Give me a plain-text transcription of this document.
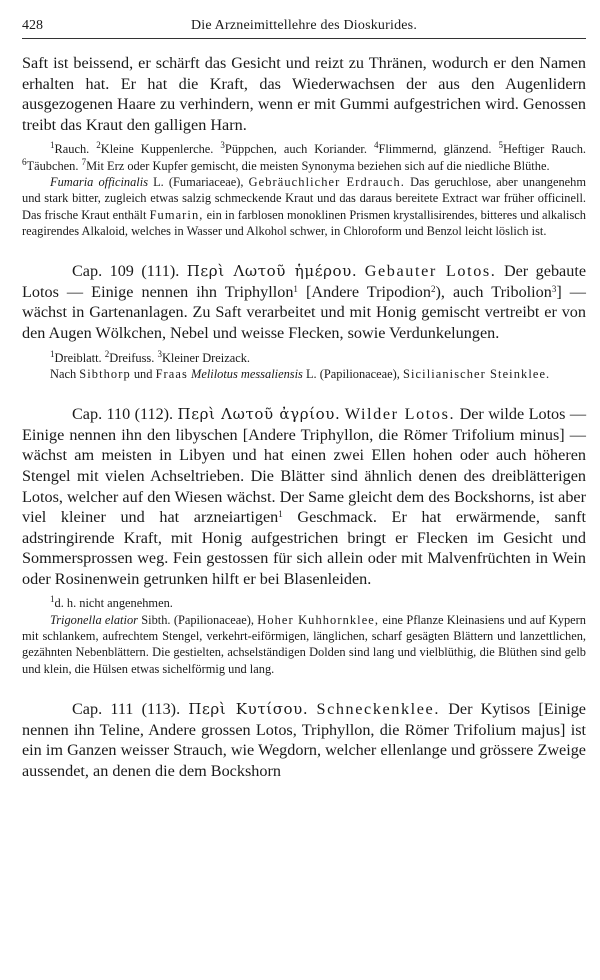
428	Die Arzneimittellehre des Dioskurides.

Saft ist beissend, er schärft das Gesicht und reizt zu Thränen, wodurch er den Namen erhalten hat. Er hat die Kraft, das Wiederwachsen der aus den Augenlidern ausgezogenen Haare zu verhindern, wenn er mit Gummi aufgestrichen wird. Genossen treibt das Kraut den galligen Harn.

$^1$Rauch. $^2$Kleine Kuppenlerche. $^3$Püppchen, auch Koriander. $^4$Flimmernd, glänzend. $^5$Heftiger Rauch. $^6$Täubchen. $^7$Mit Erz oder Kupfer gemischt, die meisten Synonyma beziehen sich auf die niedliche Blüthe.

Fumaria officinalis L. (Fumariaceae), Gebräuchlicher Erdrauch. Das geruchlose, aber unangenehm und stark bitter, zugleich etwas salzig schmeckende Kraut und das daraus bereitete Extract war früher officinell. Das frische Kraut enthält Fumarin, ein in farblosen monoklinen Prismen krystallisirendes, bitteres und alkalisch reagirendes Alkaloid, welches in Wasser und Alkohol schwer, in Chloroform und Benzol leicht löslich ist.

Cap. 109 (111). Περὶ Λωτοῦ ἡμέρου. Gebauter Lotos. Der gebaute Lotos — Einige nennen ihn Triphyllon$^1$ [Andere Tripodion$^2$), auch Tribolion$^3$] — wächst in Gartenanlagen. Zu Saft verarbeitet und mit Honig gemischt vertreibt er von den Augen Wölkchen, Nebel und weisse Flecken, sowie Verdunkelungen.

$^1$Dreiblatt. $^2$Dreifuss. $^3$Kleiner Dreizack.

Nach Sibthorp und Fraas Melilotus messaliensis L. (Papilionaceae), Sicilianischer Steinklee.

Cap. 110 (112). Περὶ Λωτοῦ ἀγρίου. Wilder Lotos. Der wilde Lotos — Einige nennen ihn den libyschen [Andere Triphyllon, die Römer Trifolium minus] — wächst am meisten in Libyen und hat einen zwei Ellen hohen oder auch höheren Stengel mit vielen Achseltrieben. Die Blätter sind ähnlich denen des dreiblätterigen Lotos, welcher auf den Wiesen wächst. Der Same gleicht dem des Bockshorns, ist aber viel kleiner und hat arzneiartigen$^1$ Geschmack. Er hat erwärmende, sanft adstringirende Kraft, mit Honig aufgestrichen bringt er Flecken im Gesicht und Sommersprossen weg. Fein gestossen für sich allein oder mit Malvenfrüchten in Wein oder Rosinenwein getrunken hilft er bei Blasenleiden.

$^1$d. h. nicht angenehmen.

Trigonella elatior Sibth. (Papilionaceae), Hoher Kuhhornklee, eine Pflanze Kleinasiens und auf Kypern mit schlankem, aufrechtem Stengel, verkehrt-eiförmigen, länglichen, scharf gesägten Blättern und lanzettlichen, gezähnten Nebenblättern. Die gestielten, achselständigen Dolden sind lang und vielblüthig, die Blüthen sind gelb und klein, die Hülsen etwas sichelförmig und lang.

Cap. 111 (113). Περὶ Κυτίσου. Schneckenklee. Der Kytisos [Einige nennen ihn Teline, Andere grossen Lotos, Triphyllon, die Römer Trifolium majus] ist ein im Ganzen weisser Strauch, wie Wegdorn, welcher ellenlange und grössere Zweige aussendet, an denen die dem Bockshorn
